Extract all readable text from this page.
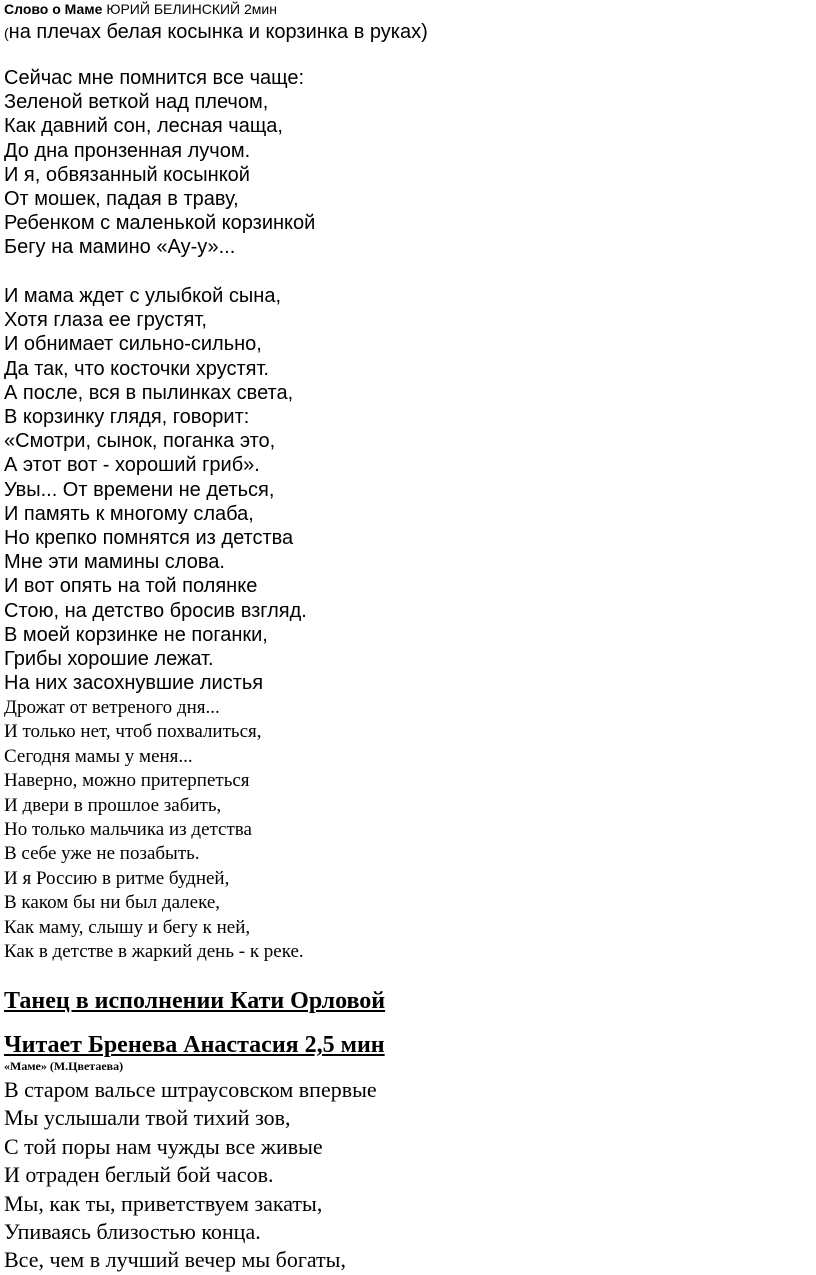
Слово о Маме ЮРИЙ БЕЛИНСКИЙ 2мин
(на плечах белая косынка и корзинка в руках)
Сейчас мне помнится все чаще:
Зеленой веткой над плечом,
Как давний сон, лесная чаща,
До дна пронзенная лучом.
И я, обвязанный косынкой
От мошек, падая в траву,
Ребенком с маленькой корзинкой
Бегу на мамино «Ау-у»...
И мама ждет с улыбкой сына,
Хотя глаза ее грустят,
И обнимает сильно-сильно,
Да так, что косточки хрустят.
А после, вся в пылинках света,
В корзинку глядя, говорит:
«Смотри, сынок, поганка это,
А этот вот - хороший гриб».
Увы... От времени не деться,
И память к многому слаба,
Но крепко помнятся из детства
Мне эти мамины слова.
И вот опять на той полянке
Стою, на детство бросив взгляд.
В моей корзинке не поганки,
Грибы хорошие лежат.
На них засохнувшие листья
Дрожат от ветреного дня...
И только нет, чтоб похвалиться,
Сегодня мамы у меня...
Наверно, можно притерпеться
И двери в прошлое забить,
Но только мальчика из детства
В себе уже не позабыть.
И я Россию в ритме будней,
В каком бы ни был далеке,
Как маму, слышу и бегу к ней,
Как в детстве в жаркий день - к реке.
Танец в исполнении Кати Орловой
Читает Бренева Анастасия 2,5 мин
«Маме» (М.Цветаева)
В старом вальсе штраусовском впервые
Мы услышали твой тихий зов,
С той поры нам чужды все живые
И отраден беглый бой часов.
Мы, как ты, приветствуем закаты,
Упиваясь близостью конца.
Все, чем в лучший вечер мы богаты,
